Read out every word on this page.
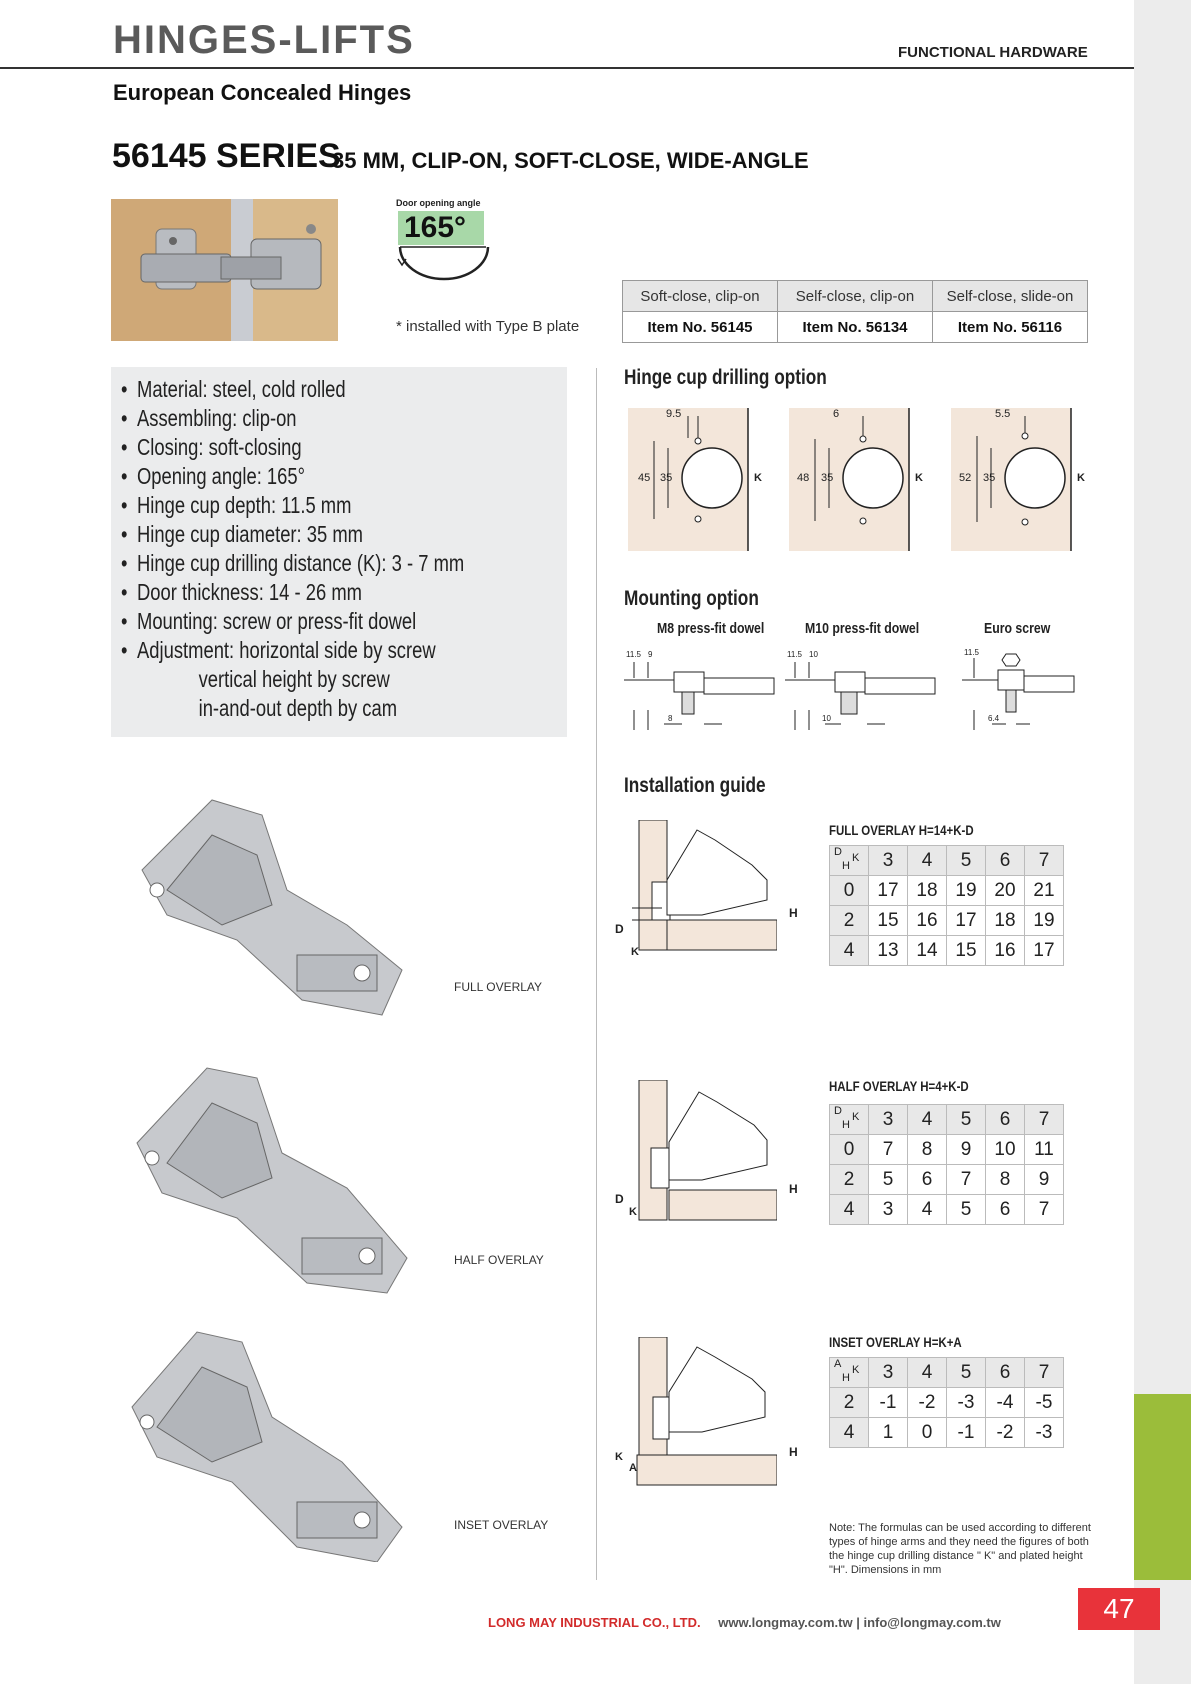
47
HINGES-LIFTS	FUNCTIONAL HARDWARE
European Concealed Hinges
56145 SERIES
35 MM, CLIP-ON, SOFT-CLOSE, WIDE-ANGLE
Door opening angle
165°
* installed with Type B plate
Soft-close, clip-on	Self-close, clip-on	Self-close, slide-on
Item No. 56145	Item No. 56134	Item No. 56116
• Material: steel, cold rolled
• Assembling: clip-on
• Closing: soft-closing
• Opening angle: 165°
• Hinge cup depth: 11.5 mm
• Hinge cup diameter: 35 mm
• Hinge cup drilling distance (K): 3 - 7 mm
• Door thickness: 14 - 26 mm
• Mounting: screw or press-fit dowel
• Adjustment: horizontal side by screw
vertical height by screw
in-and-out depth by cam
Hinge cup drilling option
9.5
45 35	K
6
48 35	K
5.5
52 35	K
Mounting option
M8 press-fit dowel
11.5 9
8
M10 press-fit dowel
11.5 10
10
Euro screw
11.5
6.4
Installation guide
FULL OVERLAY
HALF OVERLAY
INSET OVERLAY
D
K
H
D
K
H
K
A
H
FULL OVERLAY H=14+K-D
D K
H	3	4	5	6	7
0	17	18	19	20	21
2	15	16	17	18	19
4	13	14	15	16	17
HALF OVERLAY H=4+K-D
D K
H	3	4	5	6	7
0	7	8	9	10	11
2	5	6	7	8	9
4	3	4	5	6	7
INSET OVERLAY H=K+A
A K
H	3	4	5	6	7
2	-1	-2	-3	-4	-5
4	1	0	-1	-2	-3
Note: The formulas can be used according to different types of hinge arms and they need the figures of both the hinge cup drilling distance " K" and plated height "H". Dimensions in mm
LONG MAY INDUSTRIAL CO., LTD. www.longmay.com.tw | info@longmay.com.tw
